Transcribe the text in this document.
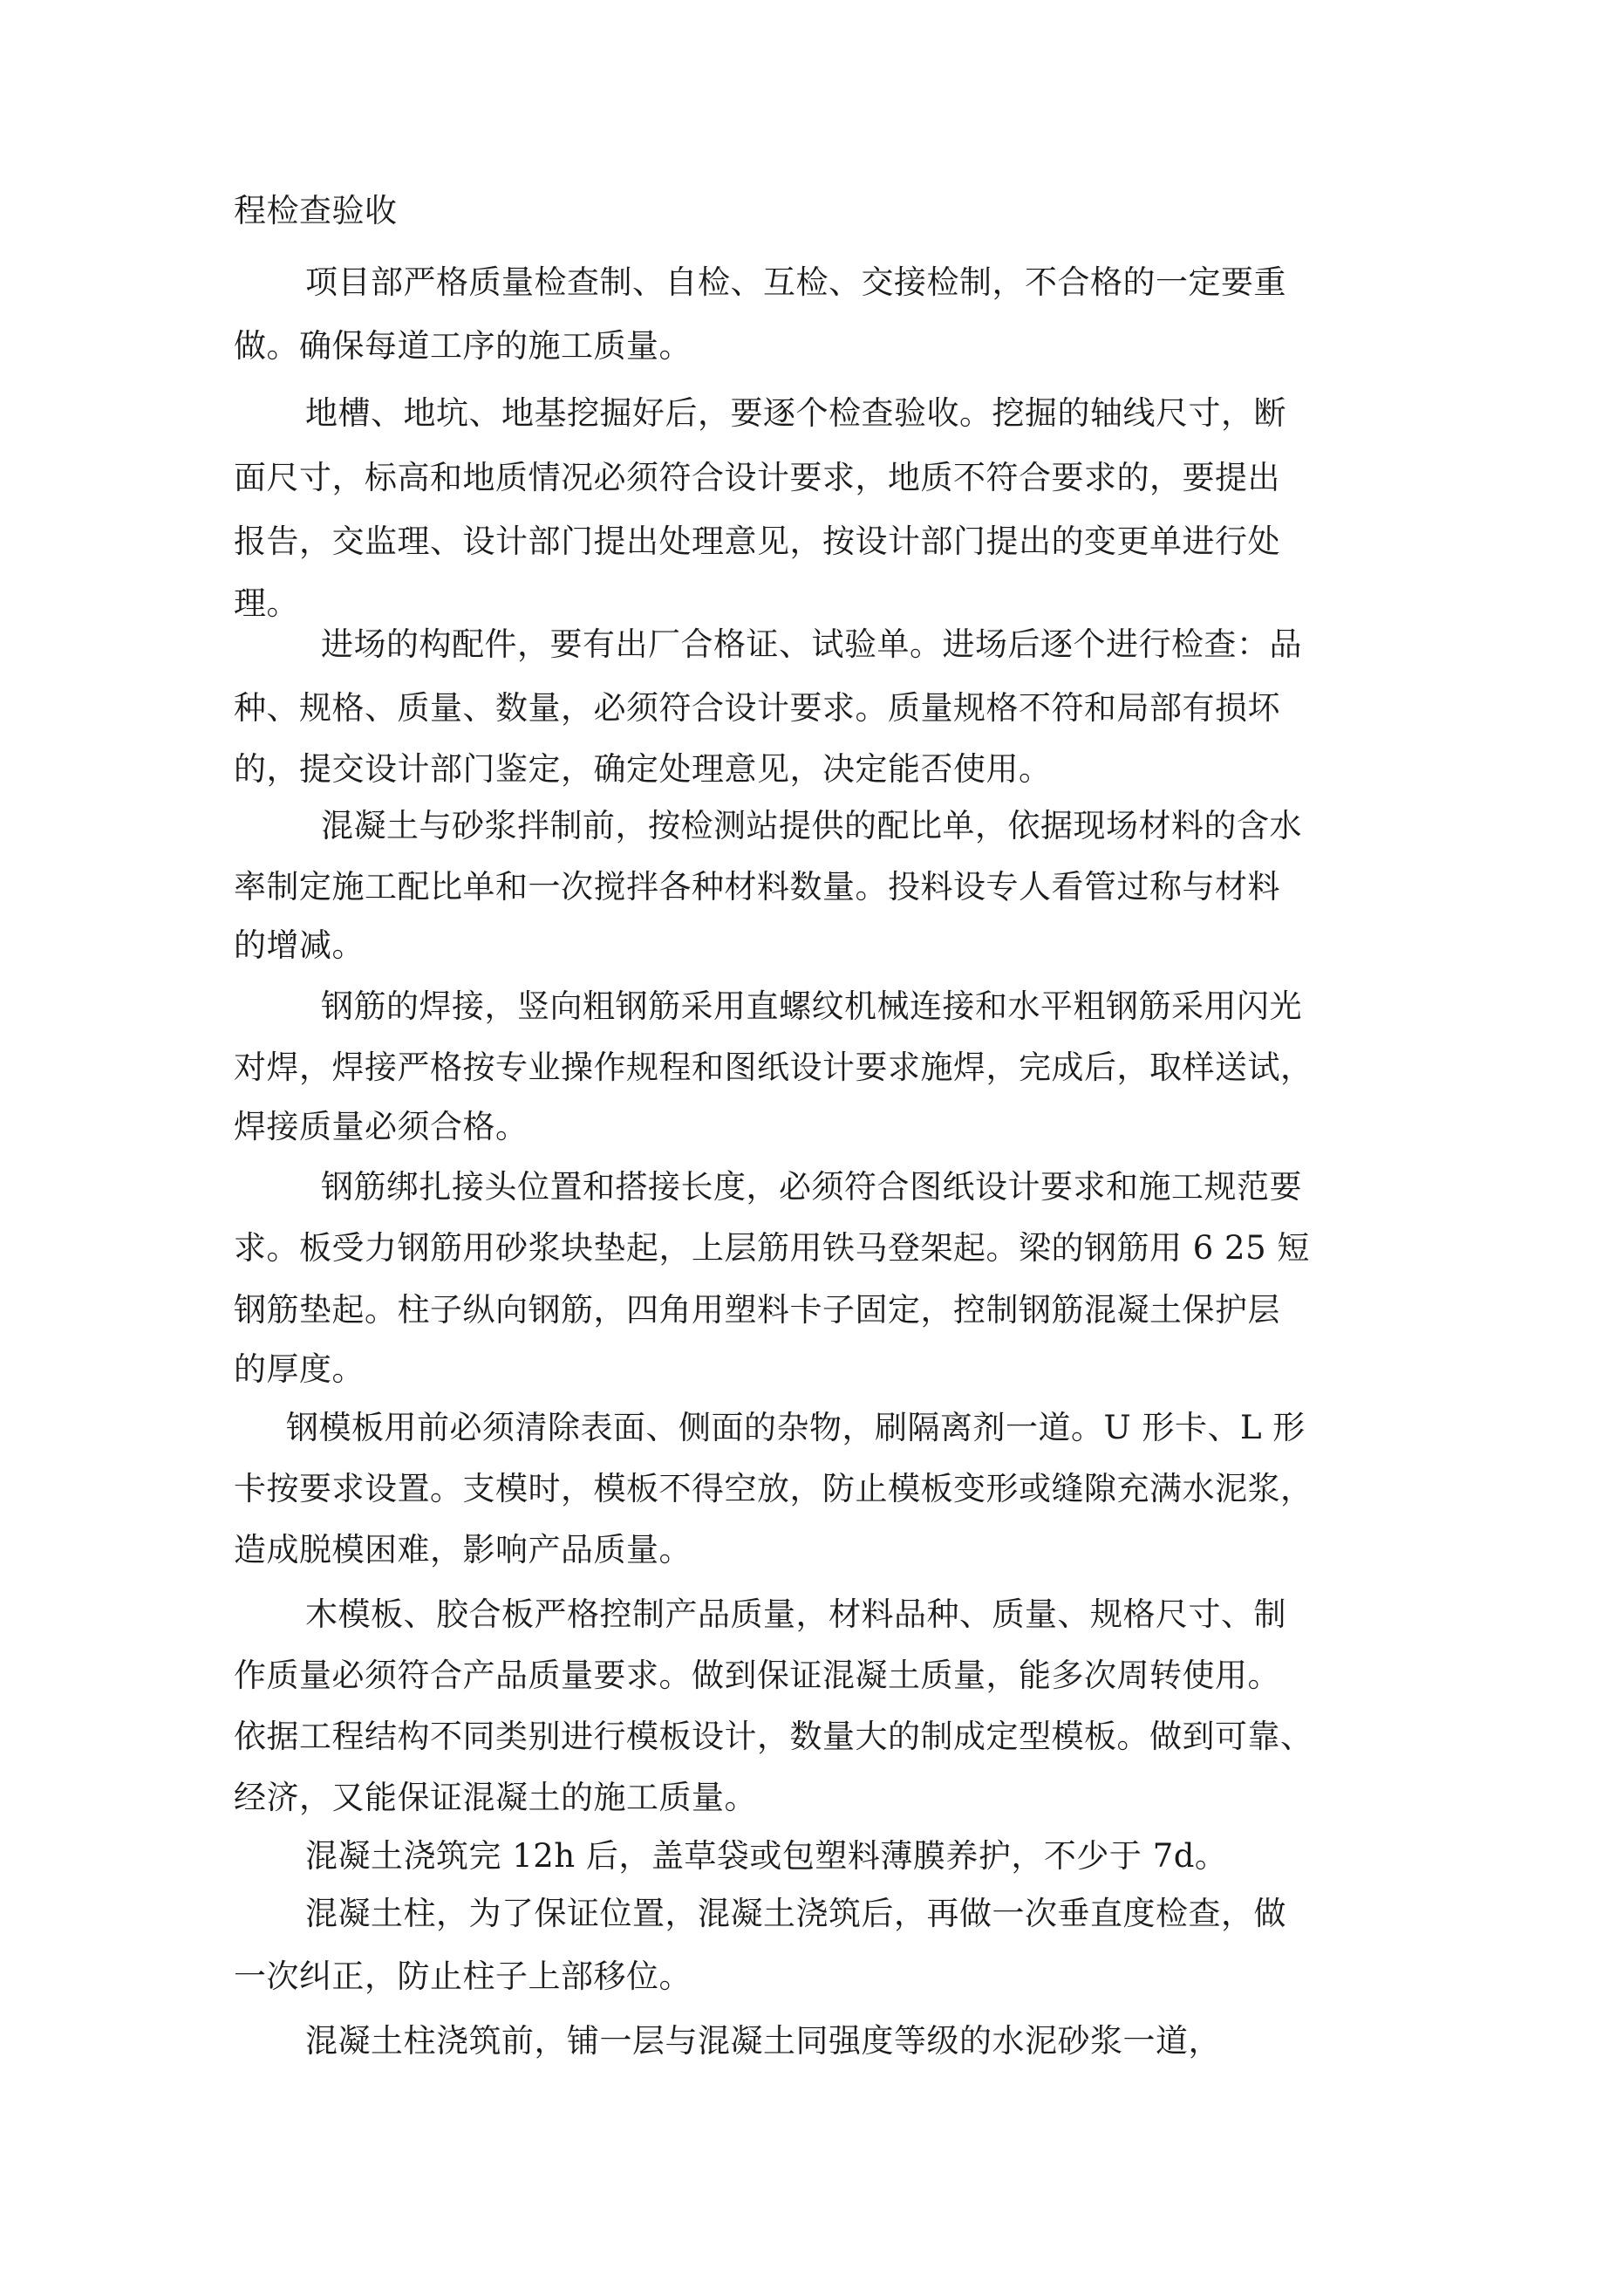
程检查验收

项目部严格质量检查制、自检、互检、交接检制，不合格的一定要重

做。确保每道工序的施工质量。

地槽、地坑、地基挖掘好后，要逐个检查验收。挖掘的轴线尺寸，断

面尺寸，标高和地质情况必须符合设计要求，地质不符合要求的，要提出

报告，交监理、设计部门提出处理意见，按设计部门提出的变更单进行处

理。

进场的构配件，要有出厂合格证、试验单。进场后逐个进行检查：品

种、规格、质量、数量，必须符合设计要求。质量规格不符和局部有损坏

的，提交设计部门鉴定，确定处理意见，决定能否使用。

混凝土与砂浆拌制前，按检测站提供的配比单，依据现场材料的含水

率制定施工配比单和一次搅拌各种材料数量。投料设专人看管过称与材料

的增减。

钢筋的焊接，竖向粗钢筋采用直螺纹机械连接和水平粗钢筋采用闪光

对焊，焊接严格按专业操作规程和图纸设计要求施焊，完成后，取样送试，

焊接质量必须合格。

钢筋绑扎接头位置和搭接长度，必须符合图纸设计要求和施工规范要

求。板受力钢筋用砂浆块垫起，上层筋用铁马登架起。梁的钢筋用 6 25 短

钢筋垫起。柱子纵向钢筋，四角用塑料卡子固定，控制钢筋混凝土保护层

的厚度。

钢模板用前必须清除表面、侧面的杂物，刷隔离剂一道。U 形卡、L 形

卡按要求设置。支模时，模板不得空放，防止模板变形或缝隙充满水泥浆，

造成脱模困难，影响产品质量。

木模板、胶合板严格控制产品质量，材料品种、质量、规格尺寸、制

作质量必须符合产品质量要求。做到保证混凝土质量，能多次周转使用。

依据工程结构不同类别进行模板设计，数量大的制成定型模板。做到可靠、

经济，又能保证混凝土的施工质量。

混凝土浇筑完 12h 后，盖草袋或包塑料薄膜养护，不少于 7d。

混凝土柱，为了保证位置，混凝土浇筑后，再做一次垂直度检查，做

一次纠正，防止柱子上部移位。

混凝土柱浇筑前，铺一层与混凝土同强度等级的水泥砂浆一道，
